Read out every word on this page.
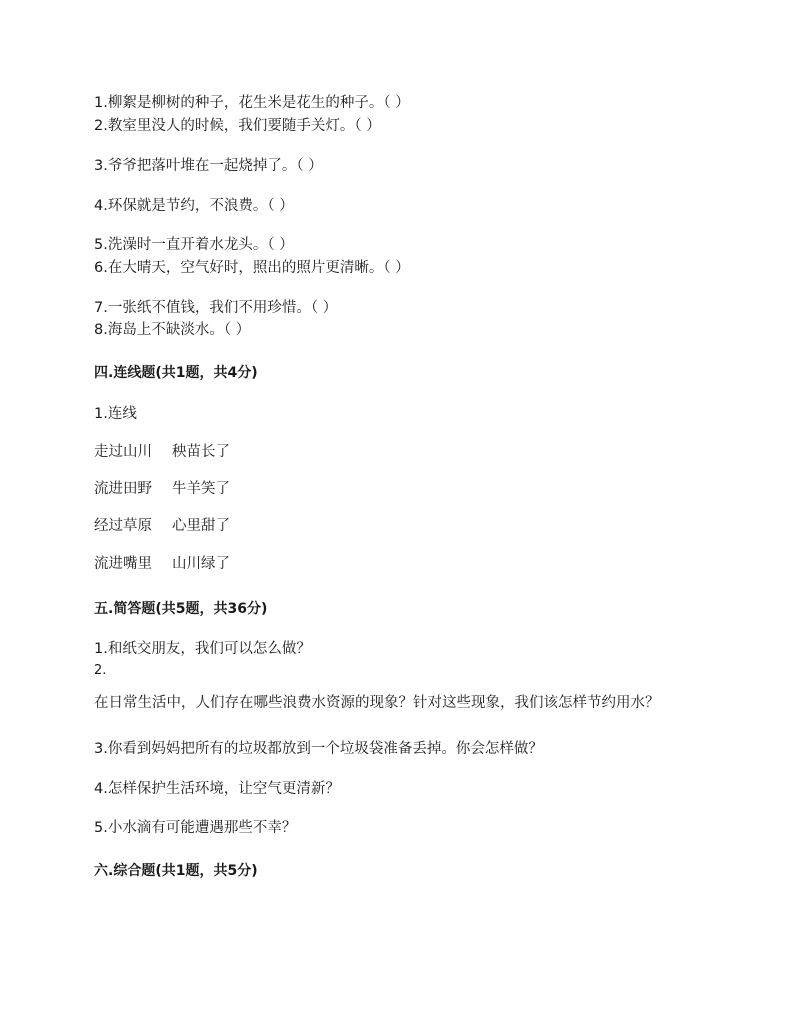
1.柳絮是柳树的种子，花生米是花生的种子。（ ）
2.教室里没人的时候，我们要随手关灯。（ ）
3.爷爷把落叶堆在一起烧掉了。（ ）
4.环保就是节约，不浪费。（ ）
5.洗澡时一直开着水龙头。（ ）
6.在大晴天，空气好时，照出的照片更清晰。（ ）
7.一张纸不值钱，我们不用珍惜。（ ）
8.海岛上不缺淡水。（ ）
四.连线题(共1题，共4分)
1.连线
走过山川 秧苗长了
流进田野 牛羊笑了
经过草原 心里甜了
流进嘴里 山川绿了
五.简答题(共5题，共36分)
1.和纸交朋友，我们可以怎么做？
2.
在日常生活中，人们存在哪些浪费水资源的现象？针对这些现象，我们该怎样节约用水？
3.你看到妈妈把所有的垃圾都放到一个垃圾袋准备丢掉。你会怎样做？
4.怎样保护生活环境，让空气更清新？
5.小水滴有可能遭遇那些不幸？
六.综合题(共1题，共5分)
